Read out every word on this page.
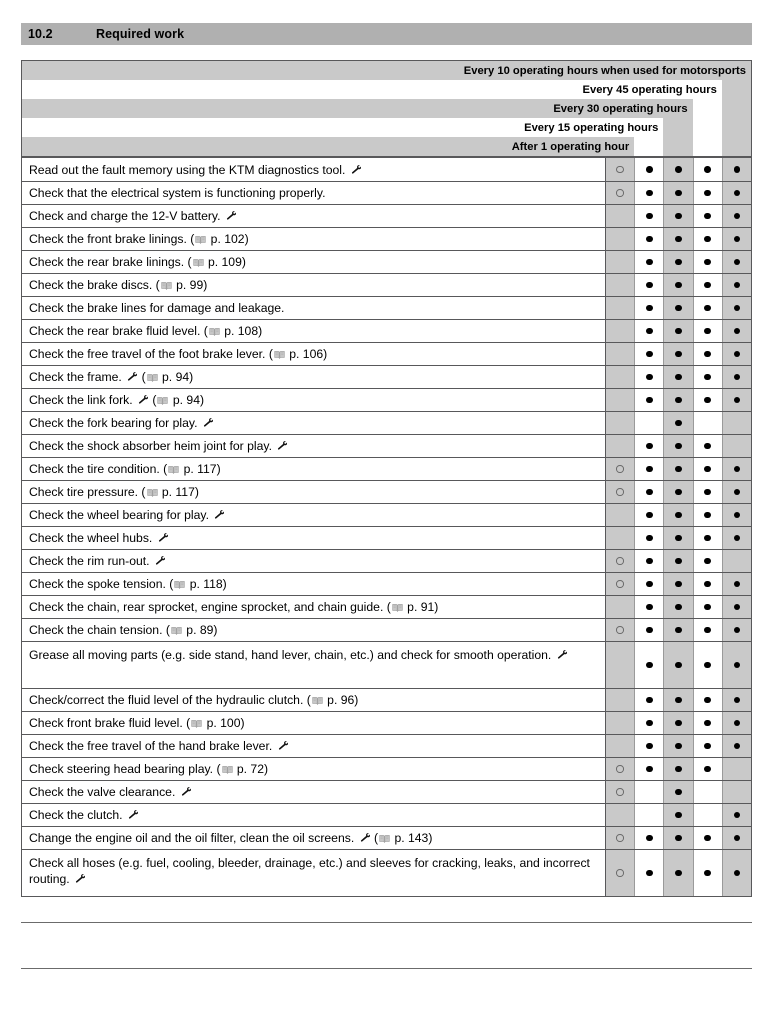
10.2	Required work
Every 10 operating hours when used for motorsports
Every 45 operating hours
Every 30 operating hours
Every 15 operating hours
After 1 operating hour
Read out the fault memory using the KTM diagnostics tool.
Check that the electrical system is functioning properly.
Check and charge the 12-V battery.
Check the front brake linings. (
p. 102)
Check the rear brake linings. (
p. 109)
Check the brake discs. (
p. 99)
Check the brake lines for damage and leakage.
Check the rear brake fluid level. (
p. 108)
Check the free travel of the foot brake lever. (
p. 106)
Check the frame.
(
p. 94)
Check the link fork.
(
p. 94)
Check the fork bearing for play.
Check the shock absorber heim joint for play.
Check the tire condition. (
p. 117)
Check tire pressure. (
p. 117)
Check the wheel bearing for play.
Check the wheel hubs.
Check the rim run-out.
Check the spoke tension. (
p. 118)
Check the chain, rear sprocket, engine sprocket, and chain guide. (
p. 91)
Check the chain tension. (
p. 89)
Grease all moving parts (e.g. side stand, hand lever, chain, etc.) and check for smooth operation.
Check/correct the fluid level of the hydraulic clutch. (
p. 96)
Check front brake fluid level. (
p. 100)
Check the free travel of the hand brake lever.
Check steering head bearing play. (
p. 72)
Check the valve clearance.
Check the clutch.
Change the engine oil and the oil filter, clean the oil screens.
(
p. 143)
Check all hoses (e.g. fuel, cooling, bleeder, drainage, etc.) and sleeves for cracking, leaks, and incorrect routing.
